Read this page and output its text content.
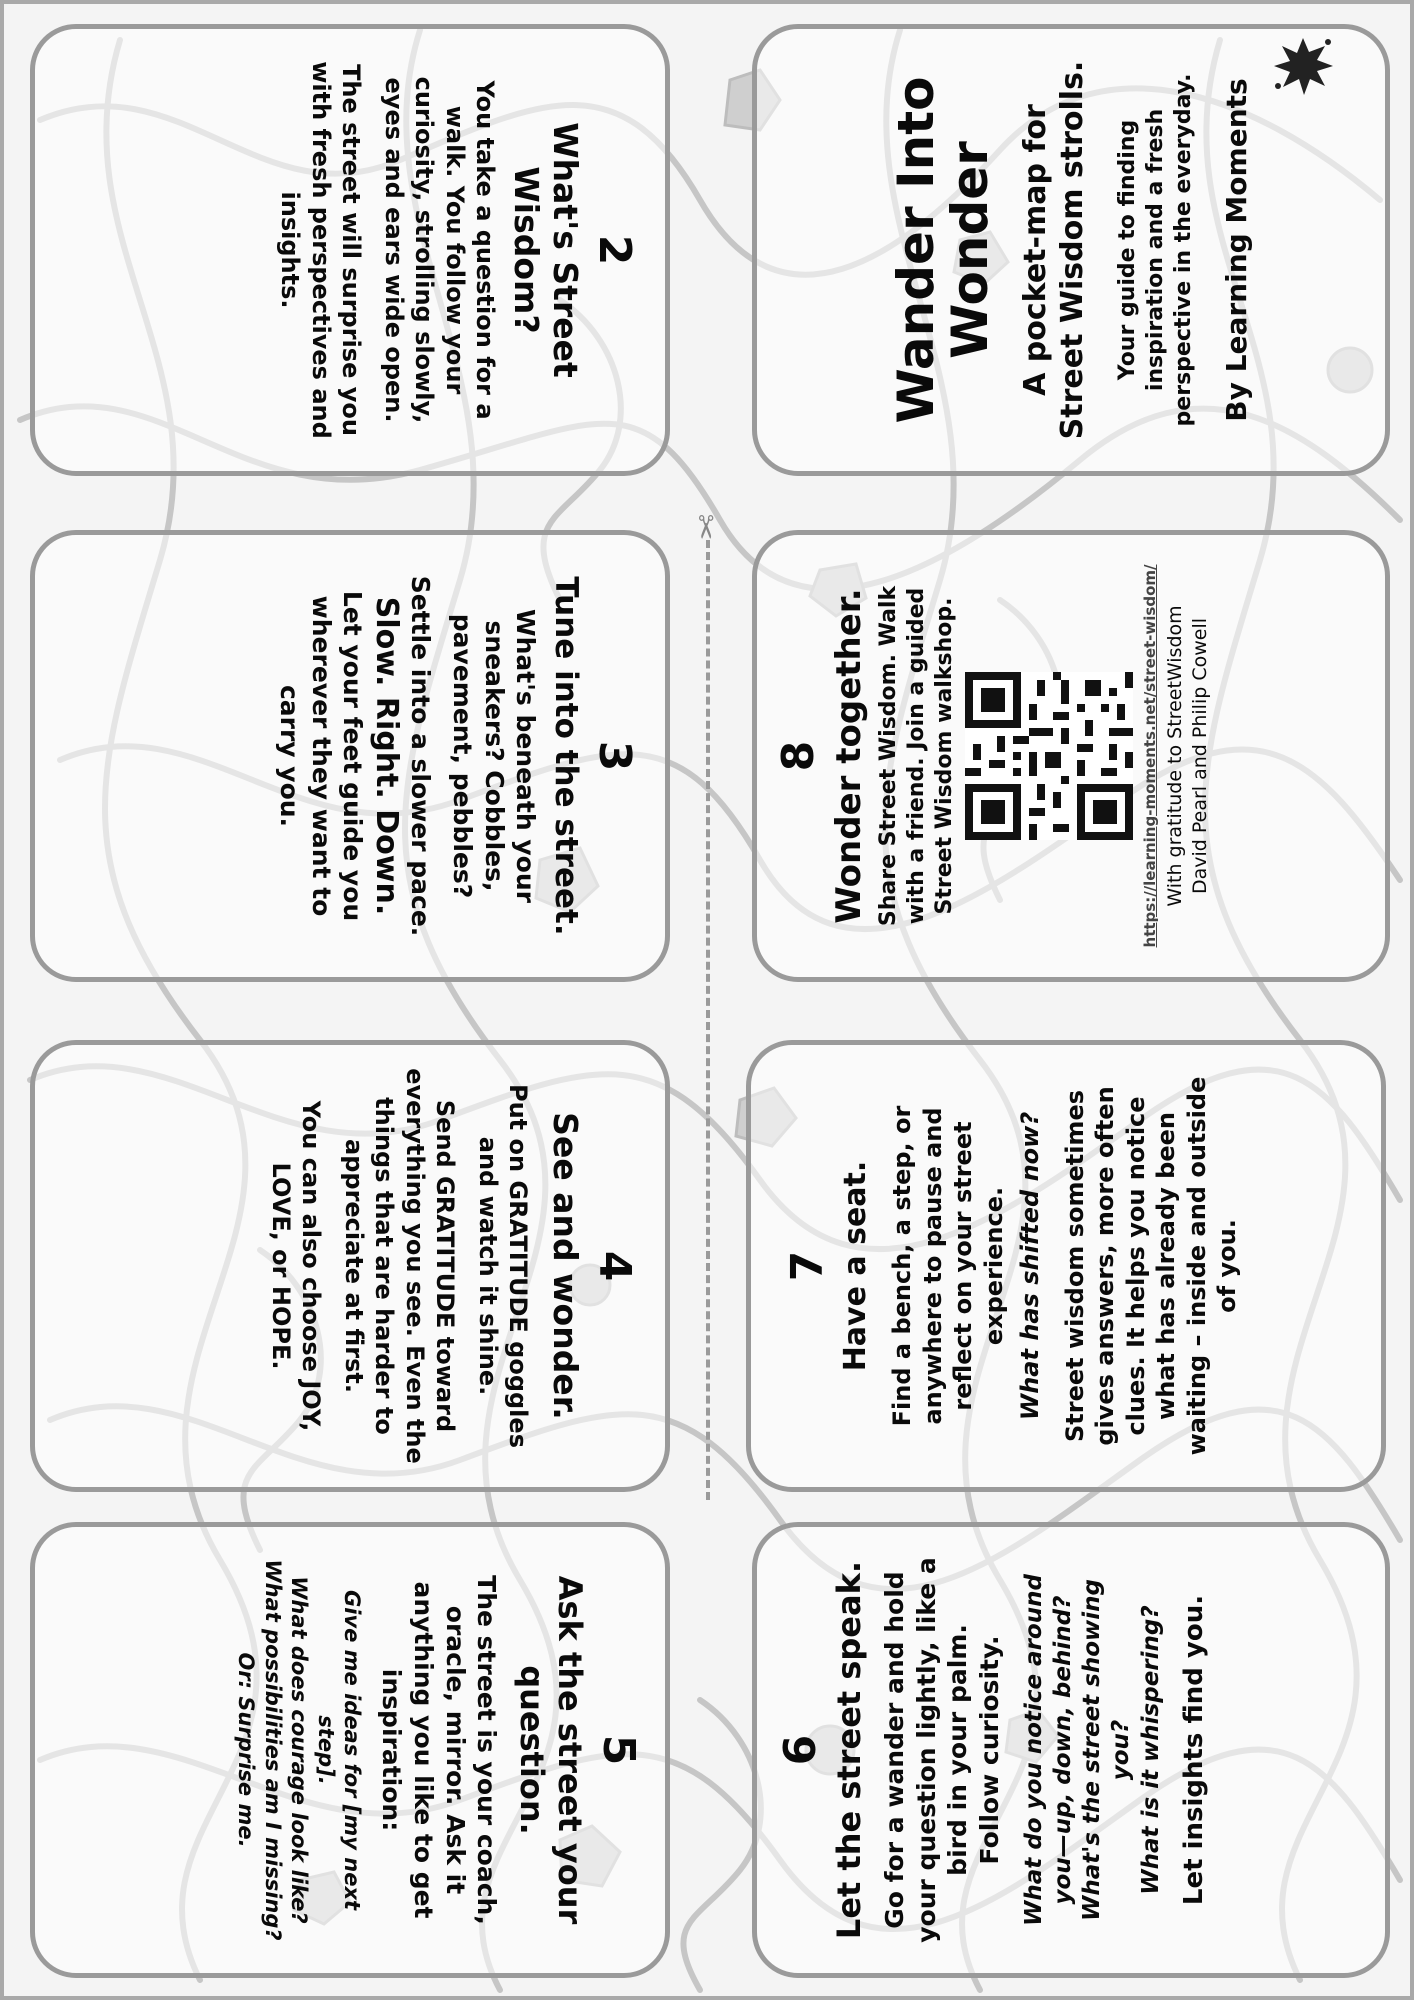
✂
Wander Into Wonder A pocket-map for Street Wisdom strolls. Your guide to finding inspiration and a fresh perspective in the everyday. By Learning Moments
8 Wonder together. Share Street Wisdom. Walk with a friend. Join a guided Street Wisdom walkshop.	https://learning-moments.net/street-wisdom/ With gratitude to StreetWisdom David Pearl and Philip Cowell
7 Have a seat. Find a bench, a step, or anywhere to pause and reflect on your street experience. What has shifted now? Street wisdom sometimes gives answers, more often clues. It helps you notice what has already been waiting – inside and outside of you.
6 Let the street speak. Go for a wander and hold your question lightly, like a bird in your palm. Follow curiosity. What do you notice around you—up, down, behind? What's the street showing you? What is it whispering? Let insights find you.
2
What's Street Wisdom?
You take a question for a walk. You follow your curiosity, strolling slowly, eyes and ears wide open.
The street will surprise you with fresh perspectives and insights.
3
Tune into the street.
What's beneath your sneakers? Cobbles, pavement, pebbles?
Settle into a slower pace.
Slow. Right. Down.
Let your feet guide you wherever they want to carry you.
4
See and wonder.
Put on GRATITUDE goggles and watch it shine.
Send GRATITUDE toward everything you see. Even the things that are harder to appreciate at first.
You can also choose JOY, LOVE, or HOPE.
5
Ask the street your question.
The street is your coach, oracle, mirror. Ask it anything you like to get inspiration:
Give me ideas for [my next step].
What does courage look like?
What possibilities am I missing?
Or: Surprise me.
